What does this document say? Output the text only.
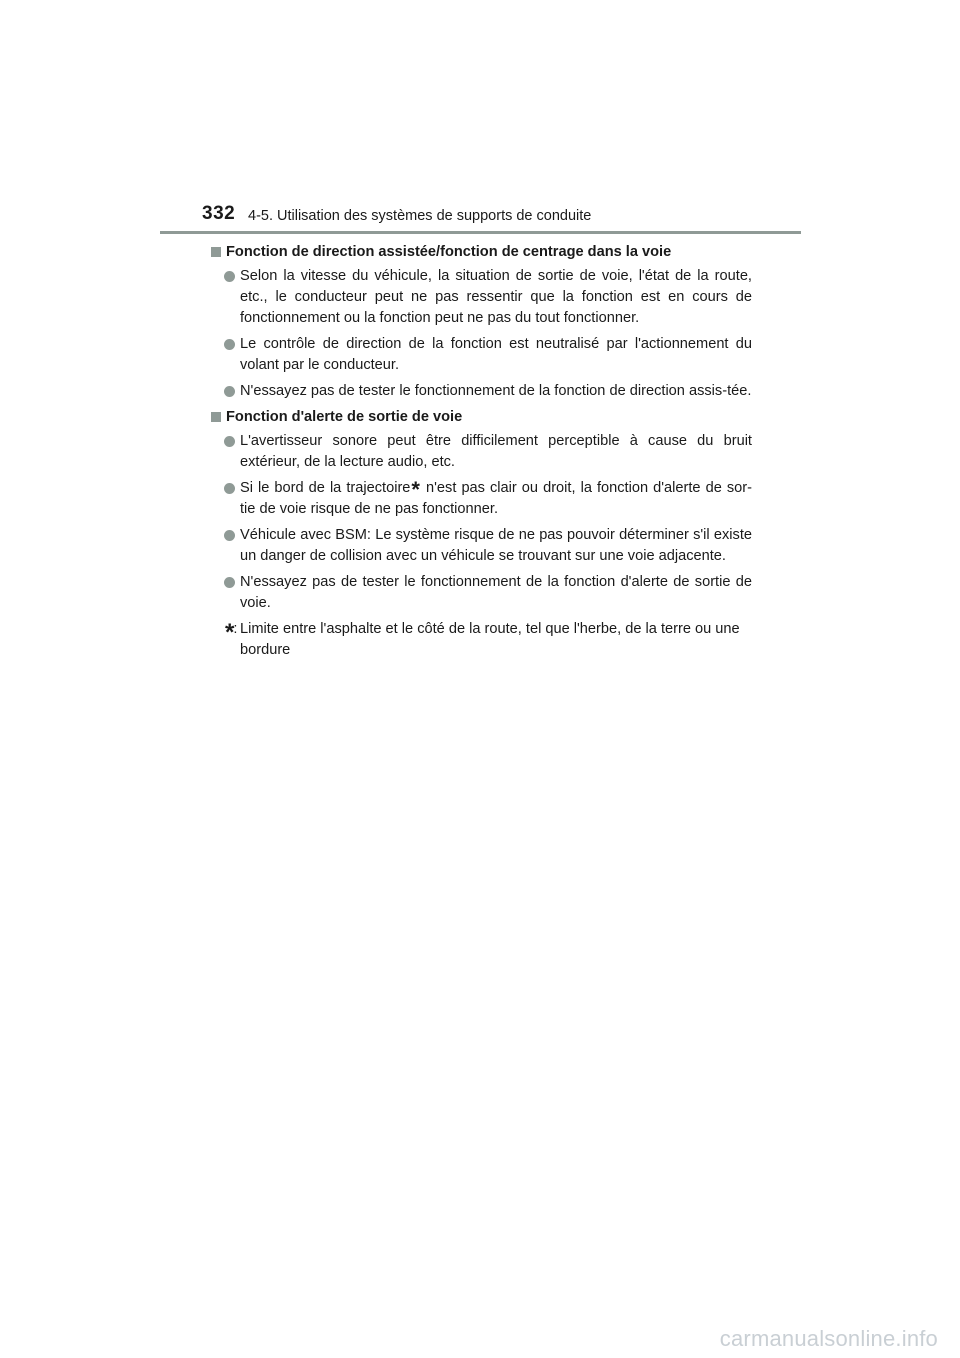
332 4-5. Utilisation des systèmes de supports de conduite
Fonction de direction assistée/fonction de centrage dans la voie
Selon la vitesse du véhicule, la situation de sortie de voie, l'état de la route, etc., le conducteur peut ne pas ressentir que la fonction est en cours de fonctionnement ou la fonction peut ne pas du tout fonctionner.
Le contrôle de direction de la fonction est neutralisé par l'actionnement du volant par le conducteur.
N'essayez pas de tester le fonctionnement de la fonction de direction assis-tée.
Fonction d'alerte de sortie de voie
L'avertisseur sonore peut être difficilement perceptible à cause du bruit extérieur, de la lecture audio, etc.
Si le bord de la trajectoire* n'est pas clair ou droit, la fonction d'alerte de sor-tie de voie risque de ne pas fonctionner.
Véhicule avec BSM: Le système risque de ne pas pouvoir déterminer s'il existe un danger de collision avec un véhicule se trouvant sur une voie adjacente.
N'essayez pas de tester le fonctionnement de la fonction d'alerte de sortie de voie.
*: Limite entre l'asphalte et le côté de la route, tel que l'herbe, de la terre ou une bordure
carmanualsonline.info
